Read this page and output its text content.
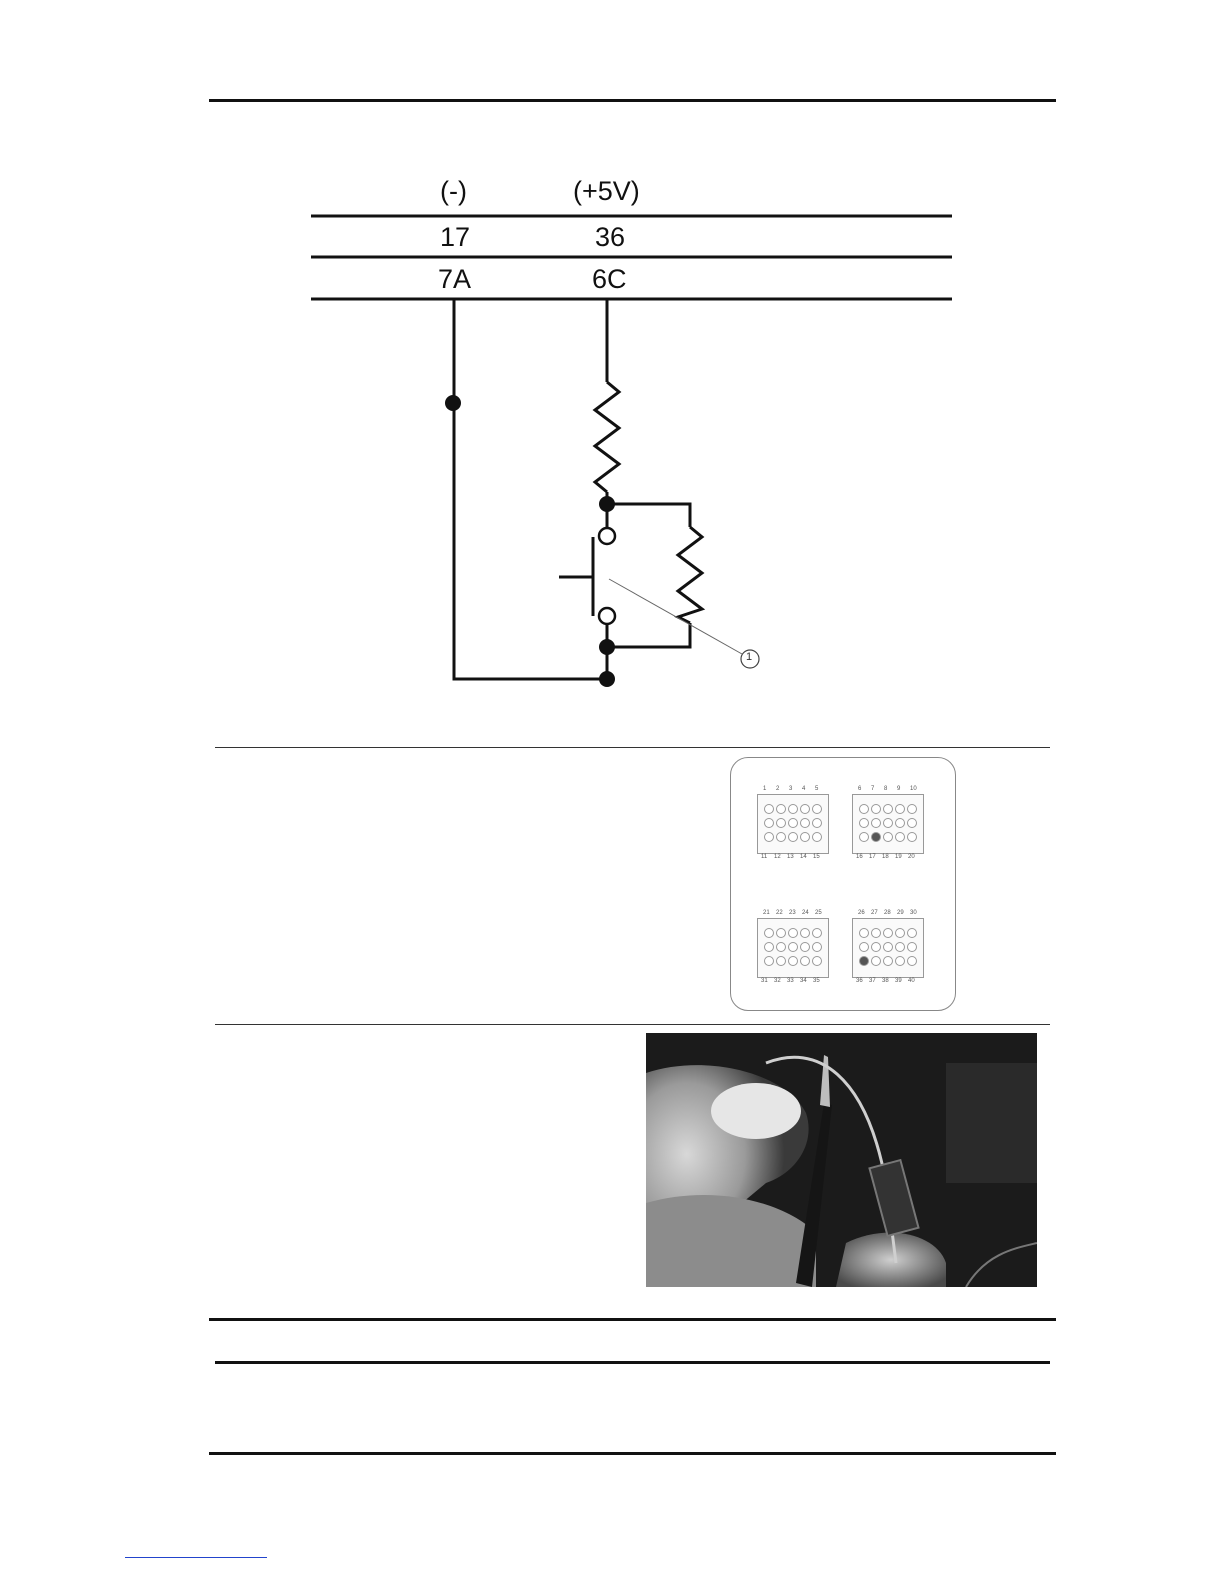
(-)	(+5V)
17	36
7A	6C
1
1 2 3 4 5
11 12 13 14 15
6 7 8 9 10
16 17 18 19 20
21 22 23 24 25
31 32 33 34 35
26 27 28 29 30
36 37 38 39 40
